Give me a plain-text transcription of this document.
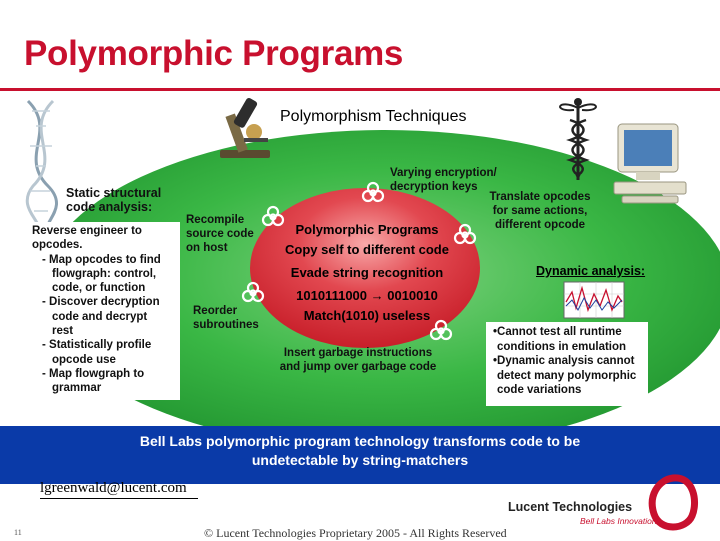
Polymorphic Programs
Polymorphism Techniques
Static structural
code analysis:
Reverse engineer to
opcodes.
- Map opcodes to find
flowgraph: control,
code, or function
- Discover decryption
code and decrypt
rest
- Statistically profile
opcode use
- Map flowgraph to
grammar
Varying encryption/
decryption keys
Recompile
source code
on host
Reorder
subroutines
Translate opcodes
for same actions,
different opcode
Insert garbage instructions
and jump over garbage code
Polymorphic Programs
Copy self to different code
Evade string recognition
1010111000 → 0010010
Match(1010) useless
Dynamic analysis:
•Cannot test all runtime
conditions in emulation
•Dynamic analysis cannot
detect many polymorphic
code variations
Bell Labs polymorphic program technology transforms code to be
undetectable by string-matchers
lgreenwald@lucent.com
11	© Lucent Technologies Proprietary 2005 - All Rights Reserved
Lucent Technologies
Bell Labs Innovations
